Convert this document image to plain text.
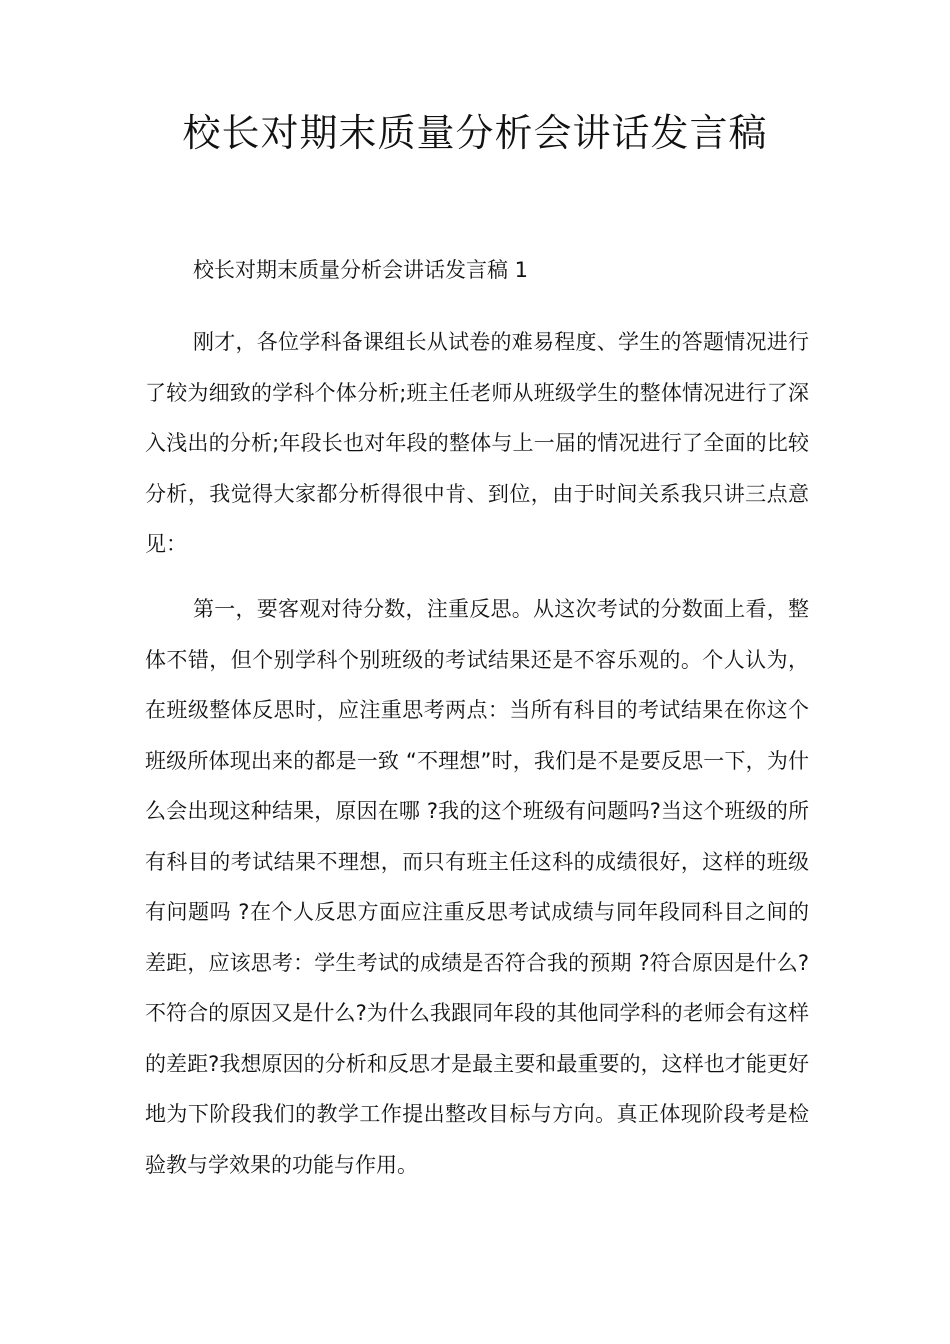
校长对期末质量分析会讲话发言稿
校长对期末质量分析会讲话发言稿 1

刚才，各位学科备课组长从试卷的难易程度、学生的答题情况进行了较为细致的学科个体分析;班主任老师从班级学生的整体情况进行了深入浅出的分析;年段长也对年段的整体与上一届的情况进行了全面的比较分析，我觉得大家都分析得很中肯、到位，由于时间关系我只讲三点意见：

第一，要客观对待分数，注重反思。从这次考试的分数面上看，整体不错，但个别学科个别班级的考试结果还是不容乐观的。个人认为，在班级整体反思时，应注重思考两点：当所有科目的考试结果在你这个班级所体现出来的都是一致 “不理想”时，我们是不是要反思一下，为什么会出现这种结果，原因在哪 ?我的这个班级有问题吗?当这个班级的所有科目的考试结果不理想，而只有班主任这科的成绩很好，这样的班级有问题吗 ?在个人反思方面应注重反思考试成绩与同年段同科目之间的差距，应该思考：学生考试的成绩是否符合我的预期 ?符合原因是什么?不符合的原因又是什么?为什么我跟同年段的其他同学科的老师会有这样的差距?我想原因的分析和反思才是最主要和最重要的，这样也才能更好地为下阶段我们的教学工作提出整改目标与方向。真正体现阶段考是检验教与学效果的功能与作用。
